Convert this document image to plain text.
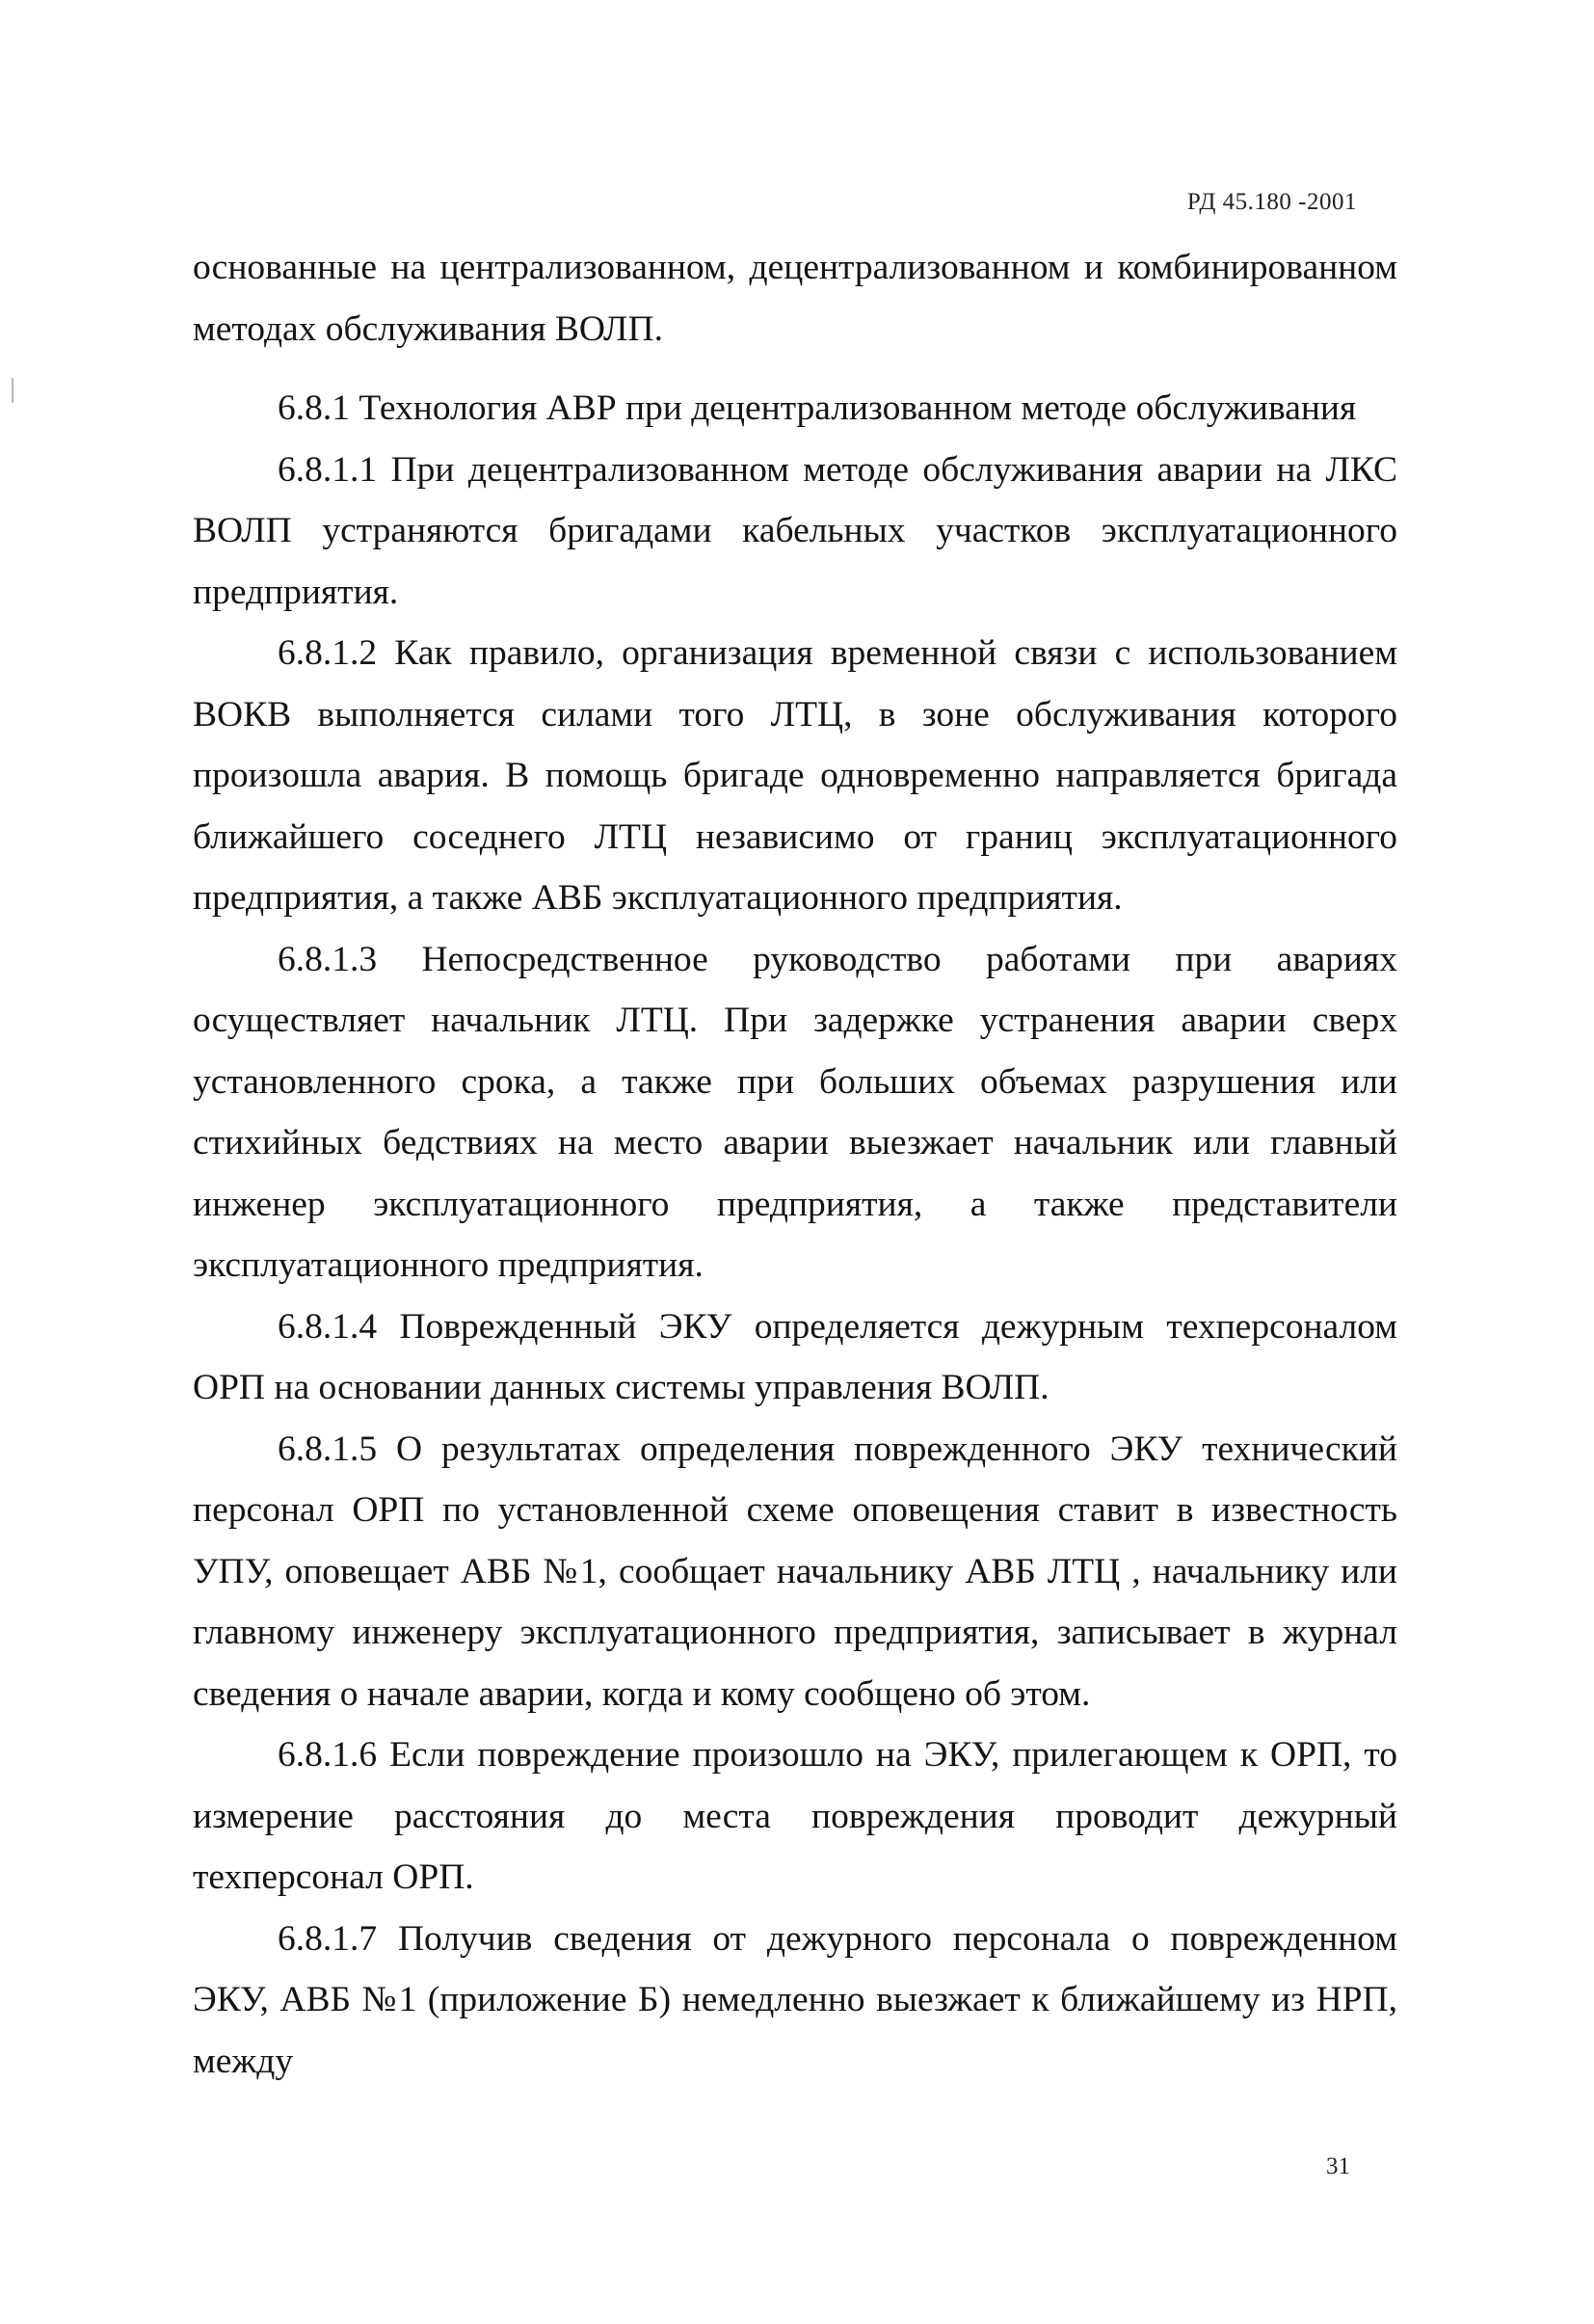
РД 45.180 -2001

основанные на централизованном, децентрализованном и комбинированном методах обслуживания ВОЛП.

6.8.1 Технология АВР при децентрализованном методе обслуживания

6.8.1.1 При децентрализованном методе обслуживания аварии на ЛКС ВОЛП устраняются бригадами кабельных участков эксплуатационного предприятия.

6.8.1.2 Как правило, организация временной связи с использованием ВОКВ выполняется силами того ЛТЦ, в зоне обслуживания которого произошла авария. В помощь бригаде одновременно направляется бригада ближайшего соседнего ЛТЦ независимо от границ эксплуатационного предприятия, а также АВБ эксплуатационного предприятия.

6.8.1.3 Непосредственное руководство работами при авариях осуществляет начальник ЛТЦ. При задержке устранения аварии сверх установленного срока, а также при больших объемах разрушения или стихийных бедствиях на место аварии выезжает начальник или главный инженер эксплуатационного предприятия, а также представители эксплуатационного предприятия.

6.8.1.4 Поврежденный ЭКУ определяется дежурным техперсоналом ОРП на основании данных системы управления ВОЛП.

6.8.1.5 О результатах определения поврежденного ЭКУ технический персонал ОРП по установленной схеме оповещения ставит в известность УПУ, оповещает АВБ №1, сообщает начальнику АВБ ЛТЦ , начальнику или главному инженеру эксплуатационного предприятия, записывает в журнал сведения о начале аварии, когда и кому сообщено об этом.

6.8.1.6 Если повреждение произошло на ЭКУ, прилегающем к ОРП, то измерение расстояния до места повреждения проводит дежурный техперсонал ОРП.

6.8.1.7 Получив сведения от дежурного персонала о поврежденном ЭКУ, АВБ №1 (приложение Б) немедленно выезжает к ближайшему из НРП, между

31
